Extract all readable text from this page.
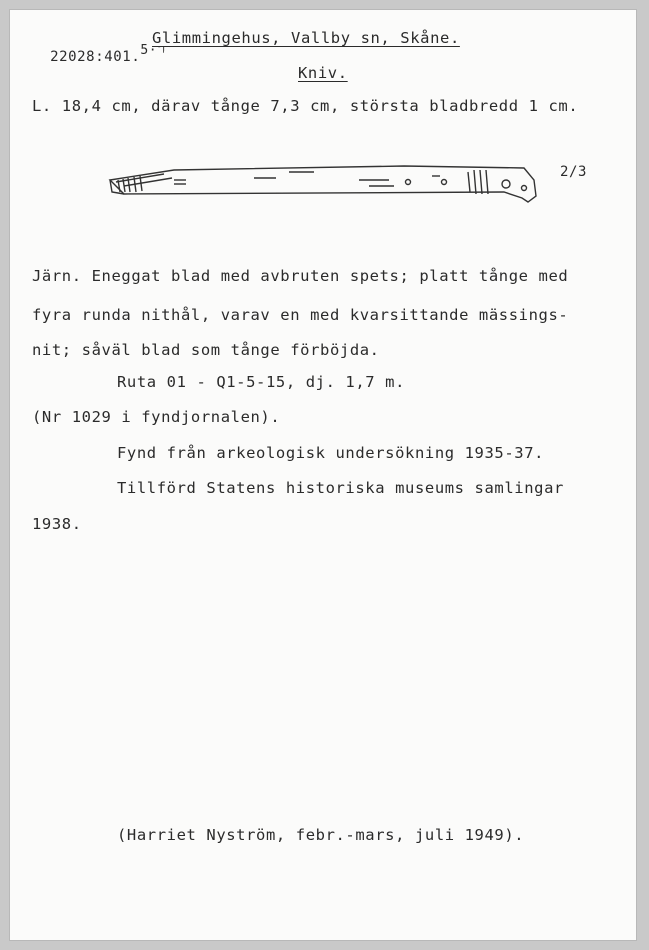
22028:401.5·ㅜ

Glimmingehus, Vallby sn, Skåne.
Kniv.
L. 18,4 cm, därav tånge 7,3 cm, största bladbredd 1 cm.
2/3
Järn. Eneggat blad med avbruten spets; platt tånge med
fyra runda nithål, varav en med kvarsittande mässings-
nit; såväl blad som tånge förböjda.
Ruta 01 - Q1-5-15, dj. 1,7 m.
(Nr 1029 i fyndjornalen).
Fynd från arkeologisk undersökning 1935-37.
Tillförd Statens historiska museums samlingar
1938.
(Harriet Nyström, febr.-mars, juli 1949).
